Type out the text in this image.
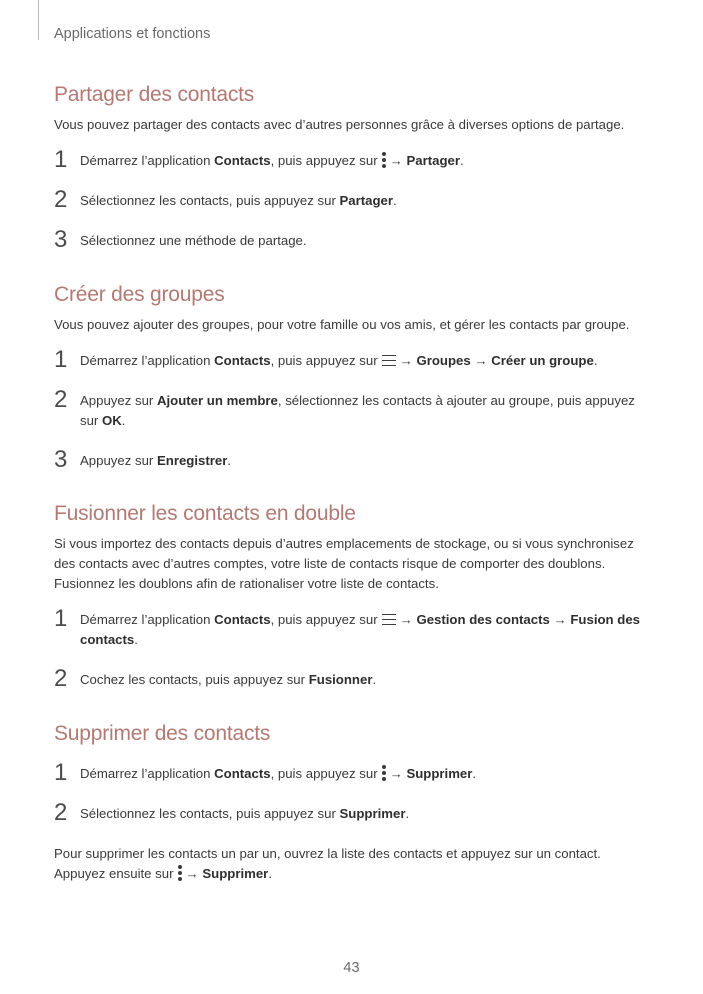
Applications et fonctions
Partager des contacts

Vous pouvez partager des contacts avec d’autres personnes grâce à diverses options de partage.

1 Démarrez l’application Contacts, puis appuyez sur → Partager.
2 Sélectionnez les contacts, puis appuyez sur Partager.
3 Sélectionnez une méthode de partage.
Créer des groupes

Vous pouvez ajouter des groupes, pour votre famille ou vos amis, et gérer les contacts par groupe.

1 Démarrez l’application Contacts, puis appuyez sur → Groupes → Créer un groupe.
2 Appuyez sur Ajouter un membre, sélectionnez les contacts à ajouter au groupe, puis appuyez sur OK.
3 Appuyez sur Enregistrer.
Fusionner les contacts en double

Si vous importez des contacts depuis d’autres emplacements de stockage, ou si vous synchronisez des contacts avec d’autres comptes, votre liste de contacts risque de comporter des doublons. Fusionnez les doublons afin de rationaliser votre liste de contacts.

1 Démarrez l’application Contacts, puis appuyez sur → Gestion des contacts → Fusion des contacts.
2 Cochez les contacts, puis appuyez sur Fusionner.
Supprimer des contacts
1 Démarrez l’application Contacts, puis appuyez sur → Supprimer.
2 Sélectionnez les contacts, puis appuyez sur Supprimer.

Pour supprimer les contacts un par un, ouvrez la liste des contacts et appuyez sur un contact. Appuyez ensuite sur → Supprimer.

43
